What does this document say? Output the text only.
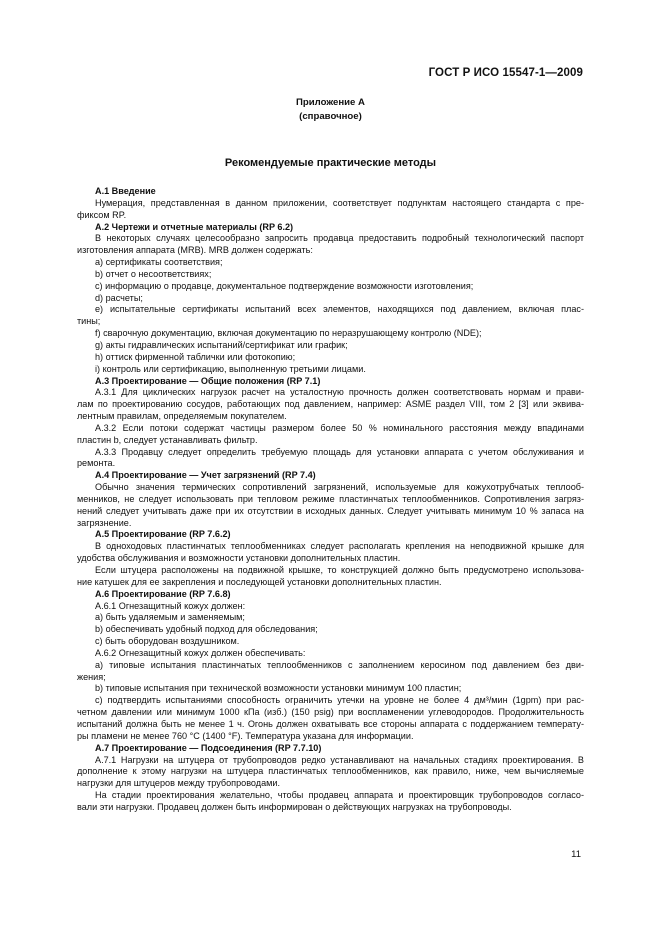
ГОСТ Р ИСО 15547-1—2009
Приложение А
(справочное)
Рекомендуемые практические методы

А.1 Введение

Нумерация, представленная в данном приложении, соответствует подпунктам настоящего стандарта с пре-

фиксом RP.

А.2 Чертежи и отчетные материалы (RP 6.2)

В некоторых случаях целесообразно запросить продавца предоставить подробный технологический паспорт

изготовления аппарата (MRB). MRB должен содержать:

а) сертификаты соответствия;

b) отчет о несоответствиях;

с) информацию о продавце, документальное подтверждение возможности изготовления;

d) расчеты;

е) испытательные сертификаты испытаний всех элементов, находящихся под давлением, включая плас-

тины;

f) сварочную документацию, включая документацию по неразрушающему контролю (NDE);

g) акты гидравлических испытаний/сертификат или график;

h) оттиск фирменной таблички или фотокопию;

i) контроль или сертификацию, выполненную третьими лицами.

А.3 Проектирование — Общие положения (RP 7.1)

А.3.1 Для циклических нагрузок расчет на усталостную прочность должен соответствовать нормам и прави-

лам по проектированию сосудов, работающих под давлением, например: ASME раздел VIII, том 2 [3] или эквива-

лентным правилам, определяемым покупателем.

А.3.2 Если потоки содержат частицы размером более 50 % номинального расстояния между впадинами

пластин b, следует устанавливать фильтр.

А.3.3 Продавцу следует определить требуемую площадь для установки аппарата с учетом обслуживания и

ремонта.

А.4 Проектирование — Учет загрязнений (RP 7.4)

Обычно значения термических сопротивлений загрязнений, используемые для кожухотрубчатых теплооб-

менников, не следует использовать при тепловом режиме пластинчатых теплообменников. Сопротивления загряз-

нений следует учитывать даже при их отсутствии в исходных данных. Следует учитывать минимум 10 % запаса на

загрязнение.

А.5 Проектирование (RP 7.6.2)

В одноходовых пластинчатых теплообменниках следует располагать крепления на неподвижной крышке для

удобства обслуживания и возможности установки дополнительных пластин.

Если штуцера расположены на подвижной крышке, то конструкцией должно быть предусмотрено использова-

ние катушек для ее закрепления и последующей установки дополнительных пластин.

А.6 Проектирование (RP 7.6.8)

А.6.1 Огнезащитный кожух должен:

а) быть удаляемым и заменяемым;

b) обеспечивать удобный подход для обследования;

с) быть оборудован воздушником.

А.6.2 Огнезащитный кожух должен обеспечивать:

а) типовые испытания пластинчатых теплообменников с заполнением керосином под давлением без дви-

жения;

b) типовые испытания при технической возможности установки минимум 100 пластин;

с) подтвердить испытаниями способность ограничить утечки на уровне не более 4 дм³/мин (1gpm) при рас-

четном давлении или минимум 1000 кПа (изб.) (150 psig) при воспламенении углеводородов. Продолжительность

испытаний должна быть не менее 1 ч. Огонь должен охватывать все стороны аппарата с поддержанием температу-

ры пламени не менее 760 °С (1400 °F). Температура указана для информации.

А.7 Проектирование — Подсоединения (RP 7.7.10)

А.7.1 Нагрузки на штуцера от трубопроводов редко устанавливают на начальных стадиях проектирования. В

дополнение к этому нагрузки на штуцера пластинчатых теплообменников, как правило, ниже, чем вычисляемые

нагрузки для штуцеров между трубопроводами.

На стадии проектирования желательно, чтобы продавец аппарата и проектировщик трубопроводов согласо-

вали эти нагрузки. Продавец должен быть информирован о действующих нагрузках на трубопроводы.

11
